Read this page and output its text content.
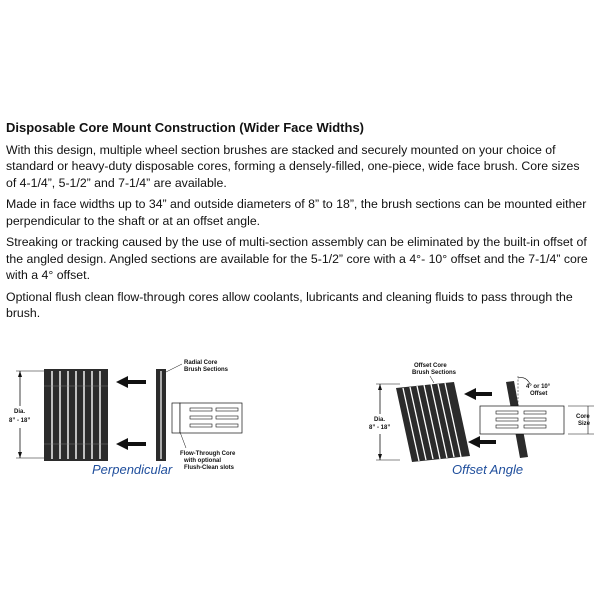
Disposable Core Mount Construction (Wider Face Widths)

With this design, multiple wheel section brushes are stacked and securely mounted on your choice of standard or heavy-duty disposable cores, forming a densely-filled, one-piece, wide face brush. Core sizes of 4-1/4”, 5-1/2” and 7-1/4” are available.

Made in face widths up to 34” and outside diameters of 8” to 18”, the brush sections can be mounted either perpendicular to the shaft or at an offset angle.

Streaking or tracking caused by the use of multi-section assembly can be eliminated by the built-in offset of the angled design. Angled sections are available for the 5-1/2” core with a 4°- 10° offset and the 7-1/4” core with a 4° offset.

Optional flush clean flow-through cores allow coolants, lubricants and cleaning fluids to pass through the brush.

Dia.
8” - 18”
Radial Core
Brush Sections
Flow-Through Core
with optional
Flush-Clean slots
Perpendicular
Dia.
8” - 18”
Core
Size
4° or 10°
Offset
Offset Core
Brush Sections
Offset Angle
